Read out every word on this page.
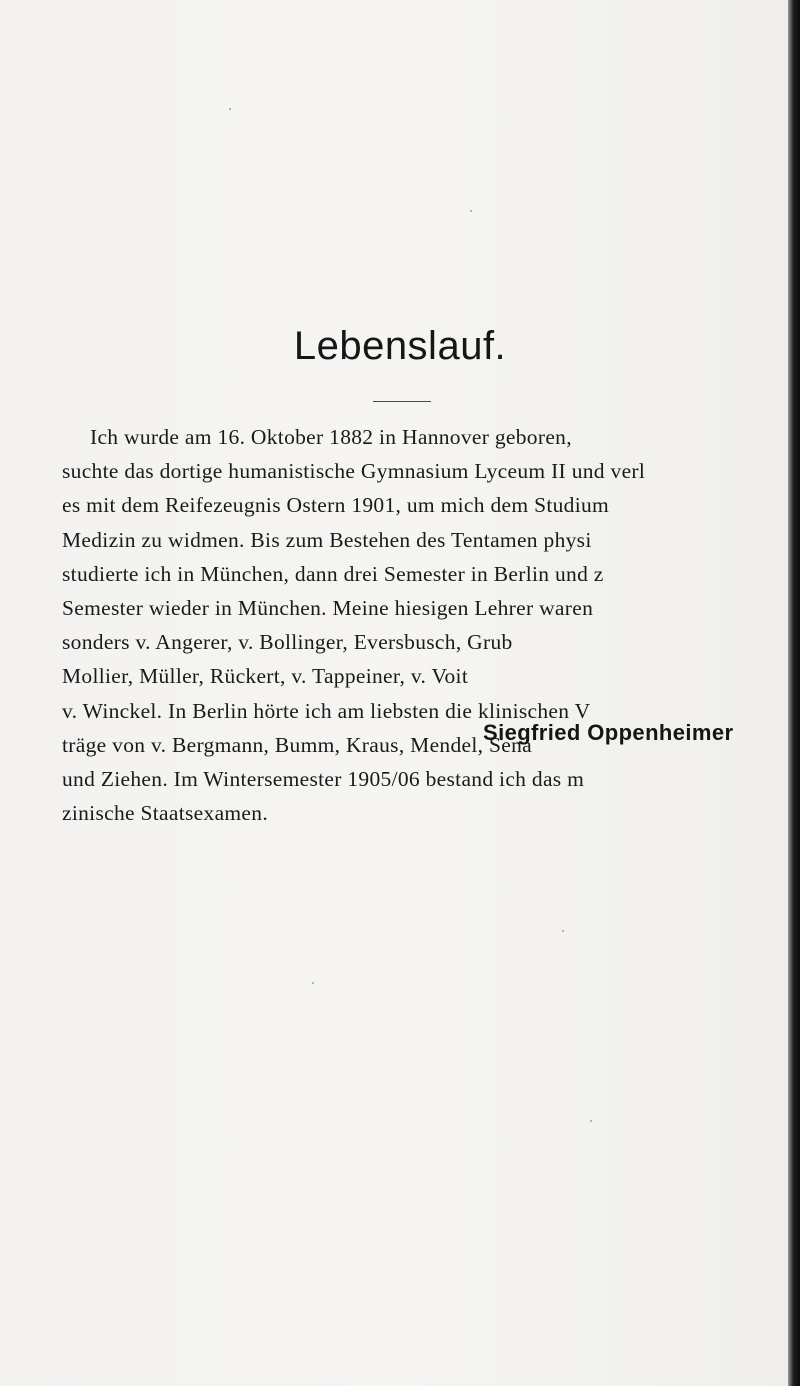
Lebenslauf.
Ich wurde am 16. Oktober 1882 in Hannover geboren,
suchte das dortige humanistische Gymnasium Lyceum II und verl
es mit dem Reifezeugnis Ostern 1901, um mich dem Studium
Medizin zu widmen. Bis zum Bestehen des Tentamen physi
studierte ich in München, dann drei Semester in Berlin und z
Semester wieder in München. Meine hiesigen Lehrer waren
sonders v. Angerer, v. Bollinger, Eversbusch, Grub
Mollier, Müller, Rückert, v. Tappeiner, v. Voit
v. Winckel. In Berlin hörte ich am liebsten die klinischen V
träge von v. Bergmann, Bumm, Kraus, Mendel, Sena
und Ziehen. Im Wintersemester 1905/06 bestand ich das m
zinische Staatsexamen.
Siegfried Oppenheimer
